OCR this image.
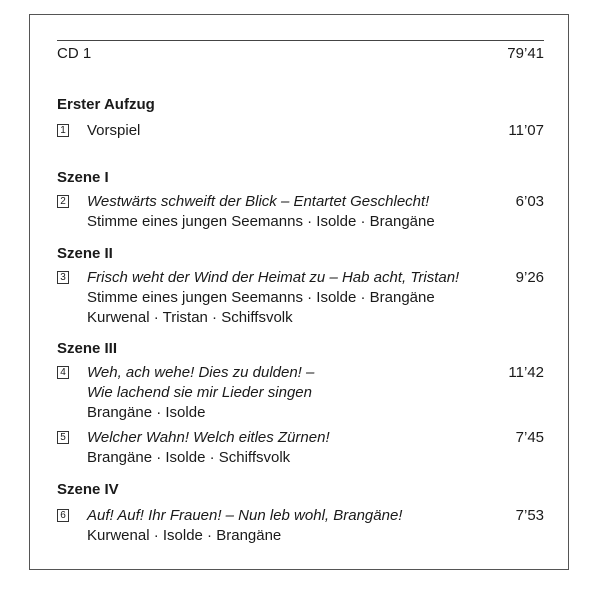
CD 1	79’41
Erster Aufzug
1 Vorspiel	11’07
Szene I
2 Westwärts schweift der Blick – Entartet Geschlecht!	6’03
Stimme eines jungen Seemanns · Isolde · Brangäne
Szene II
3 Frisch weht der Wind der Heimat zu – Hab acht, Tristan!	9’26
Stimme eines jungen Seemanns · Isolde · Brangäne
Kurwenal · Tristan · Schiffsvolk
Szene III
4 Weh, ach wehe! Dies zu dulden! –	11’42
Wie lachend sie mir Lieder singen
Brangäne · Isolde
5 Welcher Wahn! Welch eitles Zürnen!	7’45
Brangäne · Isolde · Schiffsvolk
Szene IV
6 Auf! Auf! Ihr Frauen! – Nun leb wohl, Brangäne!	7’53
Kurwenal · Isolde · Brangäne
